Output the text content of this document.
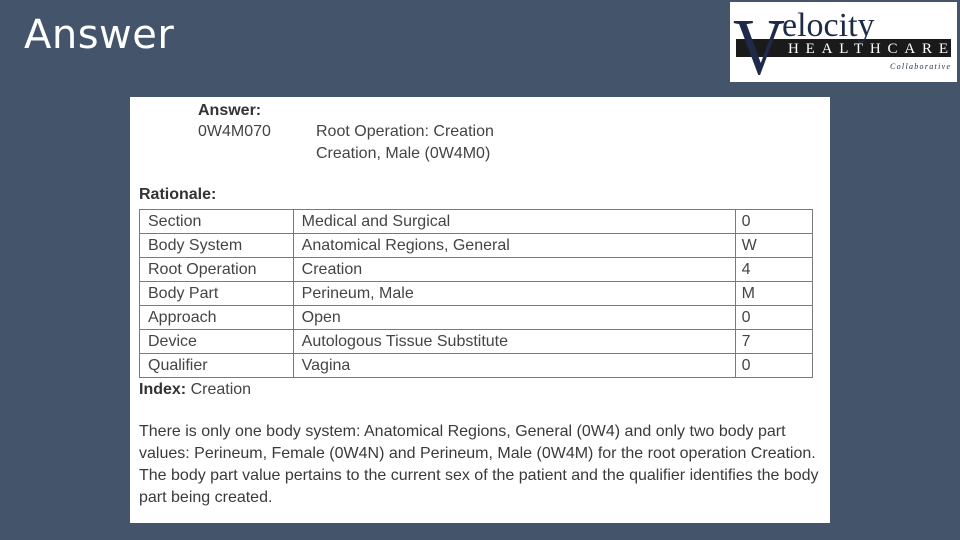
Answer	V
elocity
HEALTHCARE
Collaborative
Answer:
0W4M070	Root Operation: Creation
Creation, Male (0W4M0)
Rationale:
Section	Medical and Surgical	0
Body System	Anatomical Regions, General	W
Root Operation	Creation	4
Body Part	Perineum, Male	M
Approach	Open	0
Device	Autologous Tissue Substitute	7
Qualifier	Vagina	0
Index: Creation

There is only one body system: Anatomical Regions, General (0W4) and only two body part values: Perineum, Female (0W4N) and Perineum, Male (0W4M) for the root operation Creation. The body part value pertains to the current sex of the patient and the qualifier identifies the body part being created.
